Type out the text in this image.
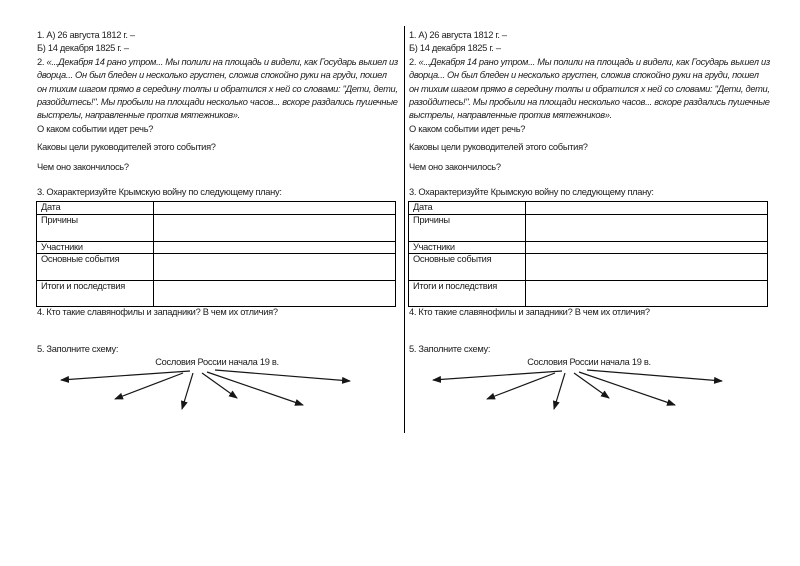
1. А) 26 августа 1812 г. –

Б) 14 декабря 1825 г. –

2. «...Декабря 14 рано утром... Мы полили на площадь и видели, как Государь вышел из дворца... Он был бледен и несколько грустен, сложив спокойно руки на груди, пошел он тихим шагом прямо в середину толпы и обратился х ней со словами: "Дети, дети, разойдитесь!". Мы пробыли на площади несколько часов... вскоре раздались пушечные выстрелы, направленные против мятежников».

О каком событии идет речь?

Каковы цели руководителей этого события?

Чем оно закончилось?

3. Охарактеризуйте Крымскую войну по следующему плану:

Дата	
Причины	
Участники	
Основные события	
Итоги и последствия	

4. Кто такие славянофилы и западники? В чем их отличия?

5. Заполните схему:

Сословия России начала 19 в.

1. А) 26 августа 1812 г. –

Б) 14 декабря 1825 г. –

2. «...Декабря 14 рано утром... Мы полили на площадь и видели, как Государь вышел из дворца... Он был бледен и несколько грустен, сложив спокойно руки на груди, пошел он тихим шагом прямо в середину толпы и обратился х ней со словами: "Дети, дети, разойдитесь!". Мы пробыли на площади несколько часов... вскоре раздались пушечные выстрелы, направленные против мятежников».

О каком событии идет речь?

Каковы цели руководителей этого события?

Чем оно закончилось?

3. Охарактеризуйте Крымскую войну по следующему плану:

Дата	
Причины	
Участники	
Основные события	
Итоги и последствия	

4. Кто такие славянофилы и западники? В чем их отличия?

5. Заполните схему:

Сословия России начала 19 в.
